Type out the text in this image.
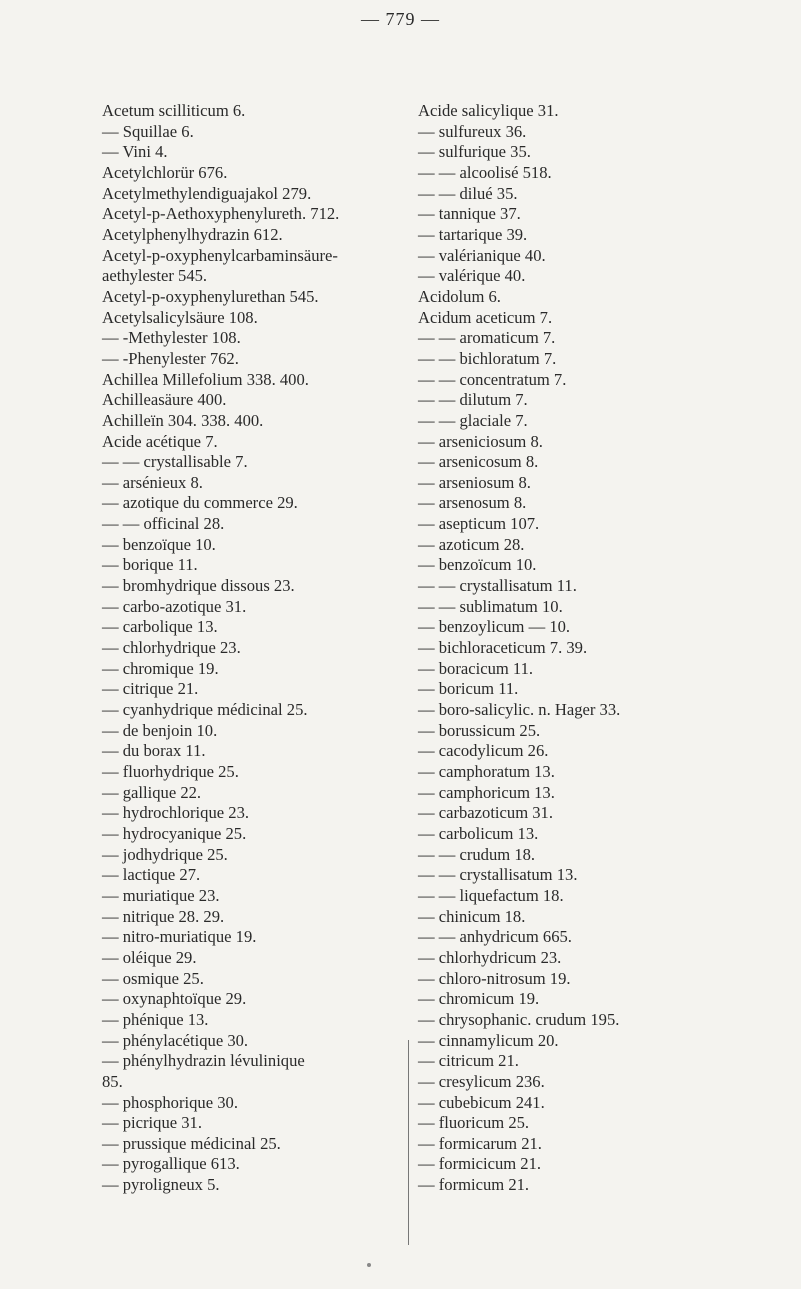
— 779 —
Acetum scilliticum 6.
— Squillae 6.
— Vini 4.
Acetylchlorür 676.
Acetylmethylendiguajakol 279.
Acetyl-p-Aethoxyphenylureth. 712.
Acetylphenylhydrazin 612.
Acetyl-p-oxyphenylcarbaminsäure-
aethylester 545.
Acetyl-p-oxyphenylurethan 545.
Acetylsalicylsäure 108.
— -Methylester 108.
— -Phenylester 762.
Achillea Millefolium 338. 400.
Achilleasäure 400.
Achilleïn 304. 338. 400.
Acide acétique 7.
— — crystallisable 7.
— arsénieux 8.
— azotique du commerce 29.
— — officinal 28.
— benzoïque 10.
— borique 11.
— bromhydrique dissous 23.
— carbo-azotique 31.
— carbolique 13.
— chlorhydrique 23.
— chromique 19.
— citrique 21.
— cyanhydrique médicinal 25.
— de benjoin 10.
— du borax 11.
— fluorhydrique 25.
— gallique 22.
— hydrochlorique 23.
— hydrocyanique 25.
— jodhydrique 25.
— lactique 27.
— muriatique 23.
— nitrique 28. 29.
— nitro-muriatique 19.
— oléique 29.
— osmique 25.
— oxynaphtoïque 29.
— phénique 13.
— phénylacétique 30.
— phénylhydrazin lévulinique
85.
— phosphorique 30.
— picrique 31.
— prussique médicinal 25.
— pyrogallique 613.
— pyroligneux 5.
Acide salicylique 31.
— sulfureux 36.
— sulfurique 35.
— — alcoolisé 518.
— — dilué 35.
— tannique 37.
— tartarique 39.
— valérianique 40.
— valérique 40.
Acidolum 6.
Acidum aceticum 7.
— — aromaticum 7.
— — bichloratum 7.
— — concentratum 7.
— — dilutum 7.
— — glaciale 7.
— arseniciosum 8.
— arsenicosum 8.
— arseniosum 8.
— arsenosum 8.
— asepticum 107.
— azoticum 28.
— benzoïcum 10.
— — crystallisatum 11.
— — sublimatum 10.
— benzoylicum — 10.
— bichloraceticum 7. 39.
— boracicum 11.
— boricum 11.
— boro-salicylic. n. Hager 33.
— borussicum 25.
— cacodylicum 26.
— camphoratum 13.
— camphoricum 13.
— carbazoticum 31.
— carbolicum 13.
— — crudum 18.
— — crystallisatum 13.
— — liquefactum 18.
— chinicum 18.
— — anhydricum 665.
— chlorhydricum 23.
— chloro-nitrosum 19.
— chromicum 19.
— chrysophanic. crudum 195.
— cinnamylicum 20.
— citricum 21.
— cresylicum 236.
— cubebicum 241.
— fluoricum 25.
— formicarum 21.
— formicicum 21.
— formicum 21.
